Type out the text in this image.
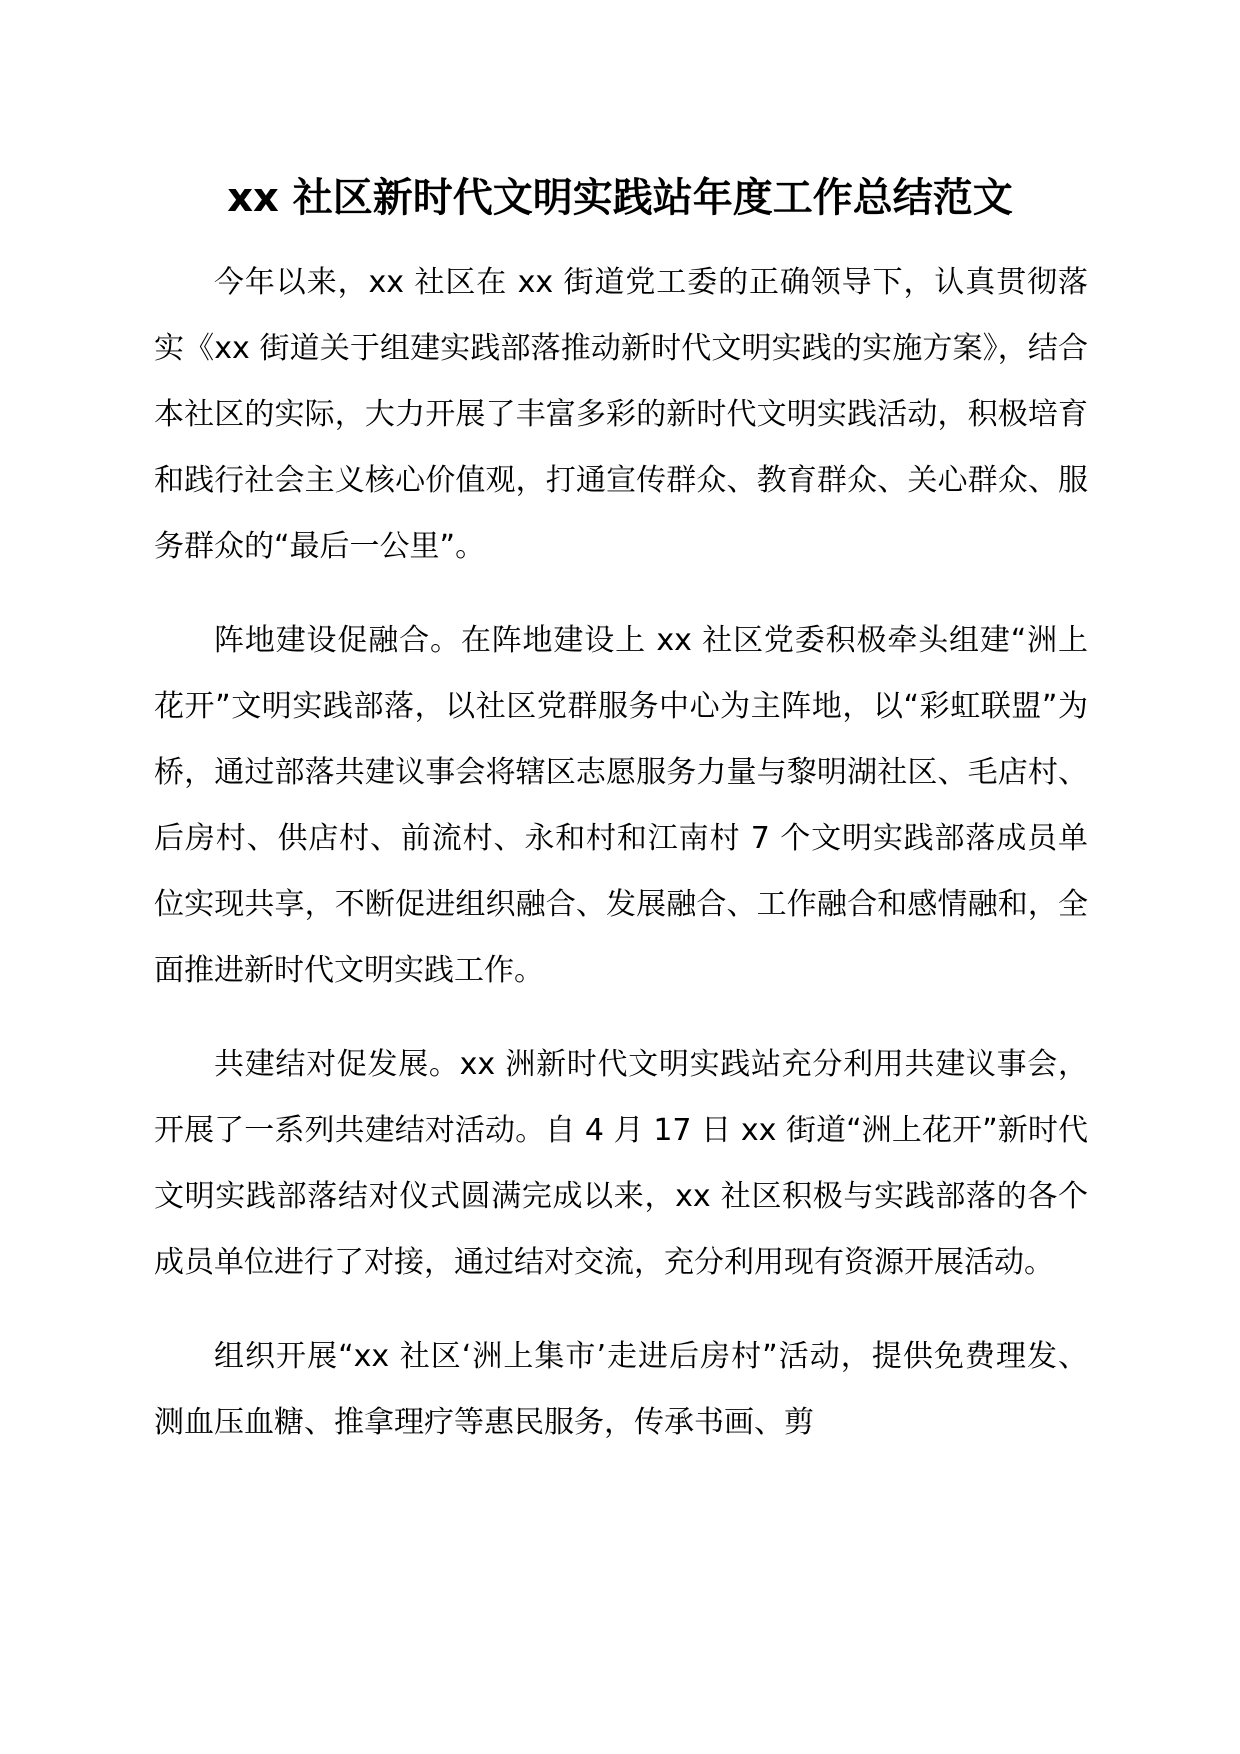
xx 社区新时代文明实践站年度工作总结范文

今年以来，xx 社区在 xx 街道党工委的正确领导下，认真贯彻落实《xx 街道关于组建实践部落推动新时代文明实践的实施方案》，结合本社区的实际，大力开展了丰富多彩的新时代文明实践活动，积极培育和践行社会主义核心价值观，打通宣传群众、教育群众、关心群众、服务群众的“最后一公里”。

阵地建设促融合。在阵地建设上 xx 社区党委积极牵头组建“洲上花开”文明实践部落，以社区党群服务中心为主阵地，以“彩虹联盟”为桥，通过部落共建议事会将辖区志愿服务力量与黎明湖社区、毛店村、后房村、供店村、前流村、永和村和江南村 7 个文明实践部落成员单位实现共享，不断促进组织融合、发展融合、工作融合和感情融和，全面推进新时代文明实践工作。

共建结对促发展。xx 洲新时代文明实践站充分利用共建议事会，开展了一系列共建结对活动。自 4 月 17 日 xx 街道“洲上花开”新时代文明实践部落结对仪式圆满完成以来，xx 社区积极与实践部落的各个成员单位进行了对接，通过结对交流，充分利用现有资源开展活动。

组织开展“xx 社区‘洲上集市’走进后房村”活动，提供免费理发、测血压血糖、推拿理疗等惠民服务，传承书画、剪
